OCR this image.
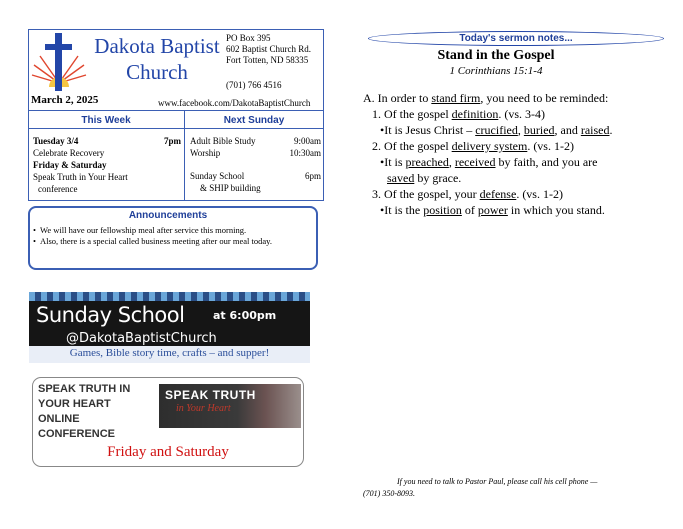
Dakota Baptist
Church
PO Box 395
602 Baptist Church Rd.
Fort Totten, ND 58335
(701) 766 4516
March 2, 2025	www.facebook.com/DakotaBaptistChurch
This Week	Next Sunday
Tuesday 3/4	7pm
Celebrate Recovery
Friday & Saturday
Speak Truth in Your Heart
conference
Adult Bible Study	9:00am
Worship	10:30am
Sunday School	6pm
& SHIP building
Announcements
• We will have our fellowship meal after service this morning.
• Also, there is a special called business meeting after our meal today.
Sunday School	at 6:00pm
@DakotaBaptistChurch
Games, Bible story time, crafts – and supper!
SPEAK TRUTH IN
YOUR HEART
ONLINE
CONFERENCE
SPEAK TRUTH
in Your Heart
Friday and Saturday
Today's sermon notes...
Stand in the Gospel
1 Corinthians 15:1-4
A. In order to stand firm, you need to be reminded:
1. Of the gospel definition. (vs. 3-4)
•It is Jesus Christ – crucified, buried, and raised.
2. Of the gospel delivery system. (vs. 1-2)
•It is preached, received by faith, and you are
saved by grace.
3. Of the gospel, your defense. (vs. 1-2)
•It is the position of power in which you stand.
If you need to talk to Pastor Paul, please call his cell phone —
(701) 350-8093.
